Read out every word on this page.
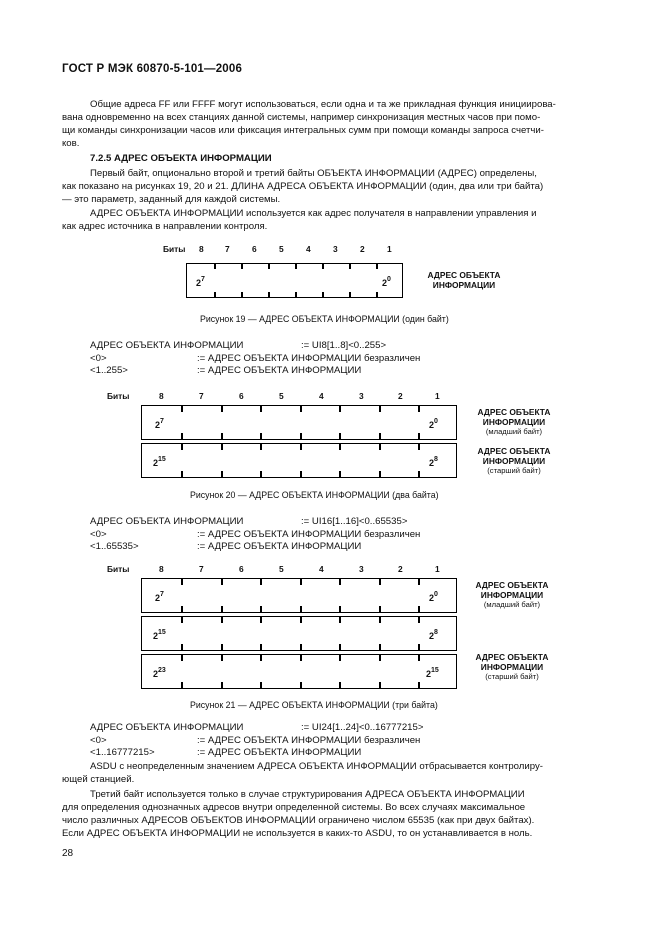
ГОСТ Р МЭК 60870-5-101—2006
Общие адреса FF или FFFF могут использоваться, если одна и та же прикладная функция инициирова-
вана одновременно на всех станциях данной системы, например синхронизация местных часов при помо-
щи команды синхронизации часов или фиксация интегральных сумм при помощи команды запроса счетчи-
ков.
7.2.5 АДРЕС ОБЪЕКТА ИНФОРМАЦИИ
Первый байт, опционально второй и третий байты ОБЪЕКТА ИНФОРМАЦИИ (АДРЕС) определены,
как показано на рисунках 19, 20 и 21. ДЛИНА АДРЕСА ОБЪЕКТА ИНФОРМАЦИИ (один, два или три байта)
— это параметр, заданный для каждой системы.
АДРЕС ОБЪЕКТА ИНФОРМАЦИИ используется как адрес получателя в направлении управления и
как адрес источника в направлении контроля.
Биты 8	7	6	5	4	3	2	1
$2^7$	$2^0$	АДРЕС ОБЪЕКТА
ИНФОРМАЦИИ
Рисунок 19 — АДРЕС ОБЪЕКТА ИНФОРМАЦИИ (один байт)
АДРЕС ОБЪЕКТА ИНФОРМАЦИИ	:= UI8[1..8]<0..255>
<0>	:= АДРЕС ОБЪЕКТА ИНФОРМАЦИИ безразличен
<1..255>	:= АДРЕС ОБЪЕКТА ИНФОРМАЦИИ
Биты	8	7	6	5	4	3	2	1
$2^7$	$2^0$
$2^{15}$	$2^8$
АДРЕС ОБЪЕКТА
ИНФОРМАЦИИ
(младший байт)
АДРЕС ОБЪЕКТА
ИНФОРМАЦИИ
(старший байт)
Рисунок 20 — АДРЕС ОБЪЕКТА ИНФОРМАЦИИ (два байта)
АДРЕС ОБЪЕКТА ИНФОРМАЦИИ	:= UI16[1..16]<0..65535>
<0>	:= АДРЕС ОБЪЕКТА ИНФОРМАЦИИ безразличен
<1..65535>	:= АДРЕС ОБЪЕКТА ИНФОРМАЦИИ
Биты	8	7	6	5	4	3	2	1
$2^7$	$2^0$
$2^{15}$	$2^8$
$2^{23}$	$2^{15}$
АДРЕС ОБЪЕКТА
ИНФОРМАЦИИ
(младший байт)
АДРЕС ОБЪЕКТА
ИНФОРМАЦИИ
(старший байт)
Рисунок 21 — АДРЕС ОБЪЕКТА ИНФОРМАЦИИ (три байта)
АДРЕС ОБЪЕКТА ИНФОРМАЦИИ	:= UI24[1..24]<0..16777215>
<0>	:= АДРЕС ОБЪЕКТА ИНФОРМАЦИИ безразличен
<1..16777215>	:= АДРЕС ОБЪЕКТА ИНФОРМАЦИИ
ASDU с неопределенным значением АДРЕСА ОБЪЕКТА ИНФОРМАЦИИ отбрасывается контролиру-
ющей станцией.
Третий байт используется только в случае структурирования АДРЕСА ОБЪЕКТА ИНФОРМАЦИИ
для определения однозначных адресов внутри определенной системы. Во всех случаях максимальное
число различных АДРЕСОВ ОБЪЕКТОВ ИНФОРМАЦИИ ограничено числом 65535 (как при двух байтах).
Если АДРЕС ОБЪЕКТА ИНФОРМАЦИИ не используется в каких-то ASDU, то он устанавливается в ноль.
28
